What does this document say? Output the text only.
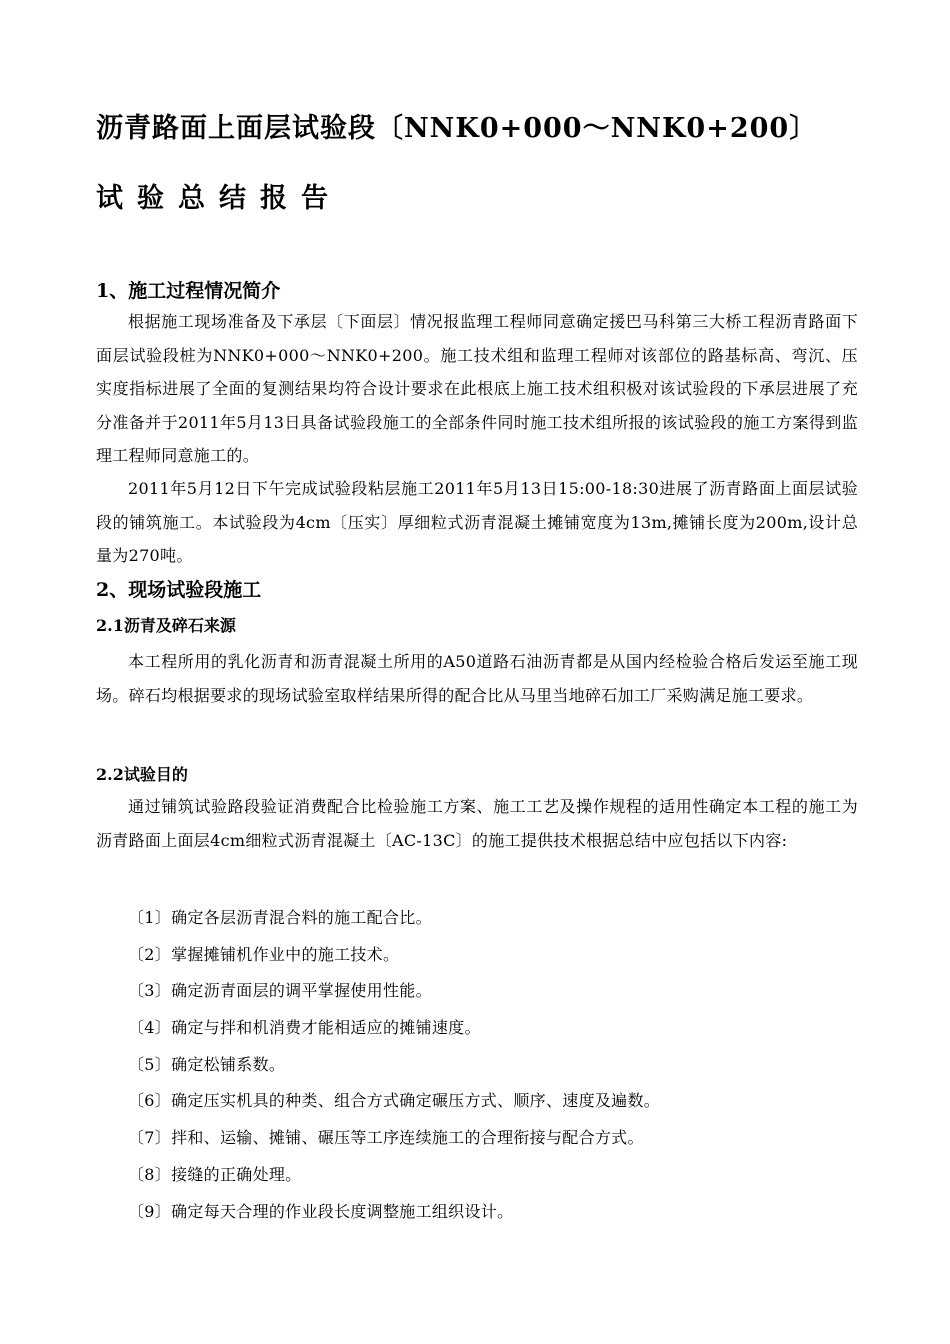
沥青路面上面层试验段〔NNK0+000～NNK0+200〕
试验总结报告
1、施工过程情况简介
根据施工现场准备及下承层〔下面层〕情况报监理工程师同意确定援巴马科第三大桥工程沥青路面下面层试验段桩为NNK0+000～NNK0+200。施工技术组和监理工程师对该部位的路基标高、弯沉、压实度指标进展了全面的复测结果均符合设计要求在此根底上施工技术组积极对该试验段的下承层进展了充分准备并于2011年5月13日具备试验段施工的全部条件同时施工技术组所报的该试验段的施工方案得到监理工程师同意施工的。
2011年5月12日下午完成试验段粘层施工2011年5月13日15:00-18:30进展了沥青路面上面层试验段的铺筑施工。本试验段为4cm〔压实〕厚细粒式沥青混凝土摊铺宽度为13m,摊铺长度为200m,设计总量为270吨。
2、现场试验段施工
2.1沥青及碎石来源
本工程所用的乳化沥青和沥青混凝土所用的A50道路石油沥青都是从国内经检验合格后发运至施工现场。碎石均根据要求的现场试验室取样结果所得的配合比从马里当地碎石加工厂采购满足施工要求。
2.2试验目的
通过铺筑试验路段验证消费配合比检验施工方案、施工工艺及操作规程的适用性确定本工程的施工为沥青路面上面层4cm细粒式沥青混凝土〔AC-13C〕的施工提供技术根据总结中应包括以下内容:
〔1〕确定各层沥青混合料的施工配合比。
〔2〕掌握摊铺机作业中的施工技术。
〔3〕确定沥青面层的调平掌握使用性能。
〔4〕确定与拌和机消费才能相适应的摊铺速度。
〔5〕确定松铺系数。
〔6〕确定压实机具的种类、组合方式确定碾压方式、顺序、速度及遍数。
〔7〕拌和、运输、摊铺、碾压等工序连续施工的合理衔接与配合方式。
〔8〕接缝的正确处理。
〔9〕确定每天合理的作业段长度调整施工组织设计。
